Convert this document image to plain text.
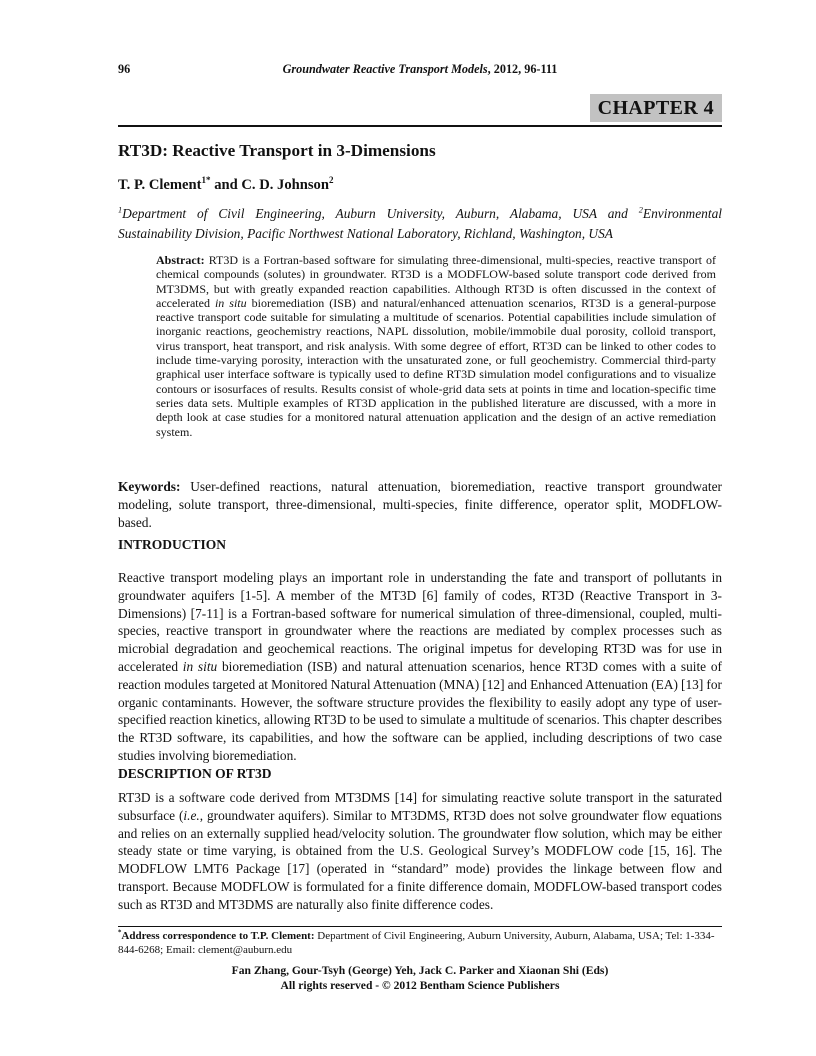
96	Groundwater Reactive Transport Models, 2012, 96-111
CHAPTER 4
RT3D: Reactive Transport in 3-Dimensions
T. P. Clement$^{1*}$ and C. D. Johnson$^2$

$^1$Department of Civil Engineering, Auburn University, Auburn, Alabama, USA and $^2$Environmental Sustainability Division, Pacific Northwest National Laboratory, Richland, Washington, USA

Abstract: RT3D is a Fortran-based software for simulating three-dimensional, multi-species, reactive transport of chemical compounds (solutes) in groundwater. RT3D is a MODFLOW-based solute transport code derived from MT3DMS, but with greatly expanded reaction capabilities. Although RT3D is often discussed in the context of accelerated in situ bioremediation (ISB) and natural/enhanced attenuation scenarios, RT3D is a general-purpose reactive transport code suitable for simulating a multitude of scenarios. Potential capabilities include simulation of inorganic reactions, geochemistry reactions, NAPL dissolution, mobile/immobile dual porosity, colloid transport, virus transport, heat transport, and risk analysis. With some degree of effort, RT3D can be linked to other codes to include time-varying porosity, interaction with the unsaturated zone, or full geochemistry. Commercial third-party graphical user interface software is typically used to define RT3D simulation model configurations and to visualize contours or isosurfaces of results. Results consist of whole-grid data sets at points in time and location-specific time series data sets. Multiple examples of RT3D application in the published literature are discussed, with a more in depth look at case studies for a monitored natural attenuation application and the design of an active remediation system.

Keywords: User-defined reactions, natural attenuation, bioremediation, reactive transport groundwater modeling, solute transport, three-dimensional, multi-species, finite difference, operator split, MODFLOW-based.

INTRODUCTION

Reactive transport modeling plays an important role in understanding the fate and transport of pollutants in groundwater aquifers [1-5]. A member of the MT3D [6] family of codes, RT3D (Reactive Transport in 3-Dimensions) [7-11] is a Fortran-based software for numerical simulation of three-dimensional, coupled, multi-species, reactive transport in groundwater where the reactions are mediated by complex processes such as microbial degradation and geochemical reactions. The original impetus for developing RT3D was for use in accelerated in situ bioremediation (ISB) and natural attenuation scenarios, hence RT3D comes with a suite of reaction modules targeted at Monitored Natural Attenuation (MNA) [12] and Enhanced Attenuation (EA) [13] for organic contaminants. However, the software structure provides the flexibility to easily adopt any type of user-specified reaction kinetics, allowing RT3D to be used to simulate a multitude of scenarios. This chapter describes the RT3D software, its capabilities, and how the software can be applied, including descriptions of two case studies involving bioremediation.

DESCRIPTION OF RT3D

RT3D is a software code derived from MT3DMS [14] for simulating reactive solute transport in the saturated subsurface (i.e., groundwater aquifers). Similar to MT3DMS, RT3D does not solve groundwater flow equations and relies on an externally supplied head/velocity solution. The groundwater flow solution, which may be either steady state or time varying, is obtained from the U.S. Geological Survey’s MODFLOW code [15, 16]. The MODFLOW LMT6 Package [17] (operated in “standard” mode) provides the linkage between flow and transport. Because MODFLOW is formulated for a finite difference domain, MODFLOW-based transport codes such as RT3D and MT3DMS are naturally also finite difference codes.

*Address correspondence to T.P. Clement: Department of Civil Engineering, Auburn University, Auburn, Alabama, USA; Tel: 1-334-844-6268; Email: clement@auburn.edu

Fan Zhang, Gour-Tsyh (George) Yeh, Jack C. Parker and Xiaonan Shi (Eds)

All rights reserved - © 2012 Bentham Science Publishers
